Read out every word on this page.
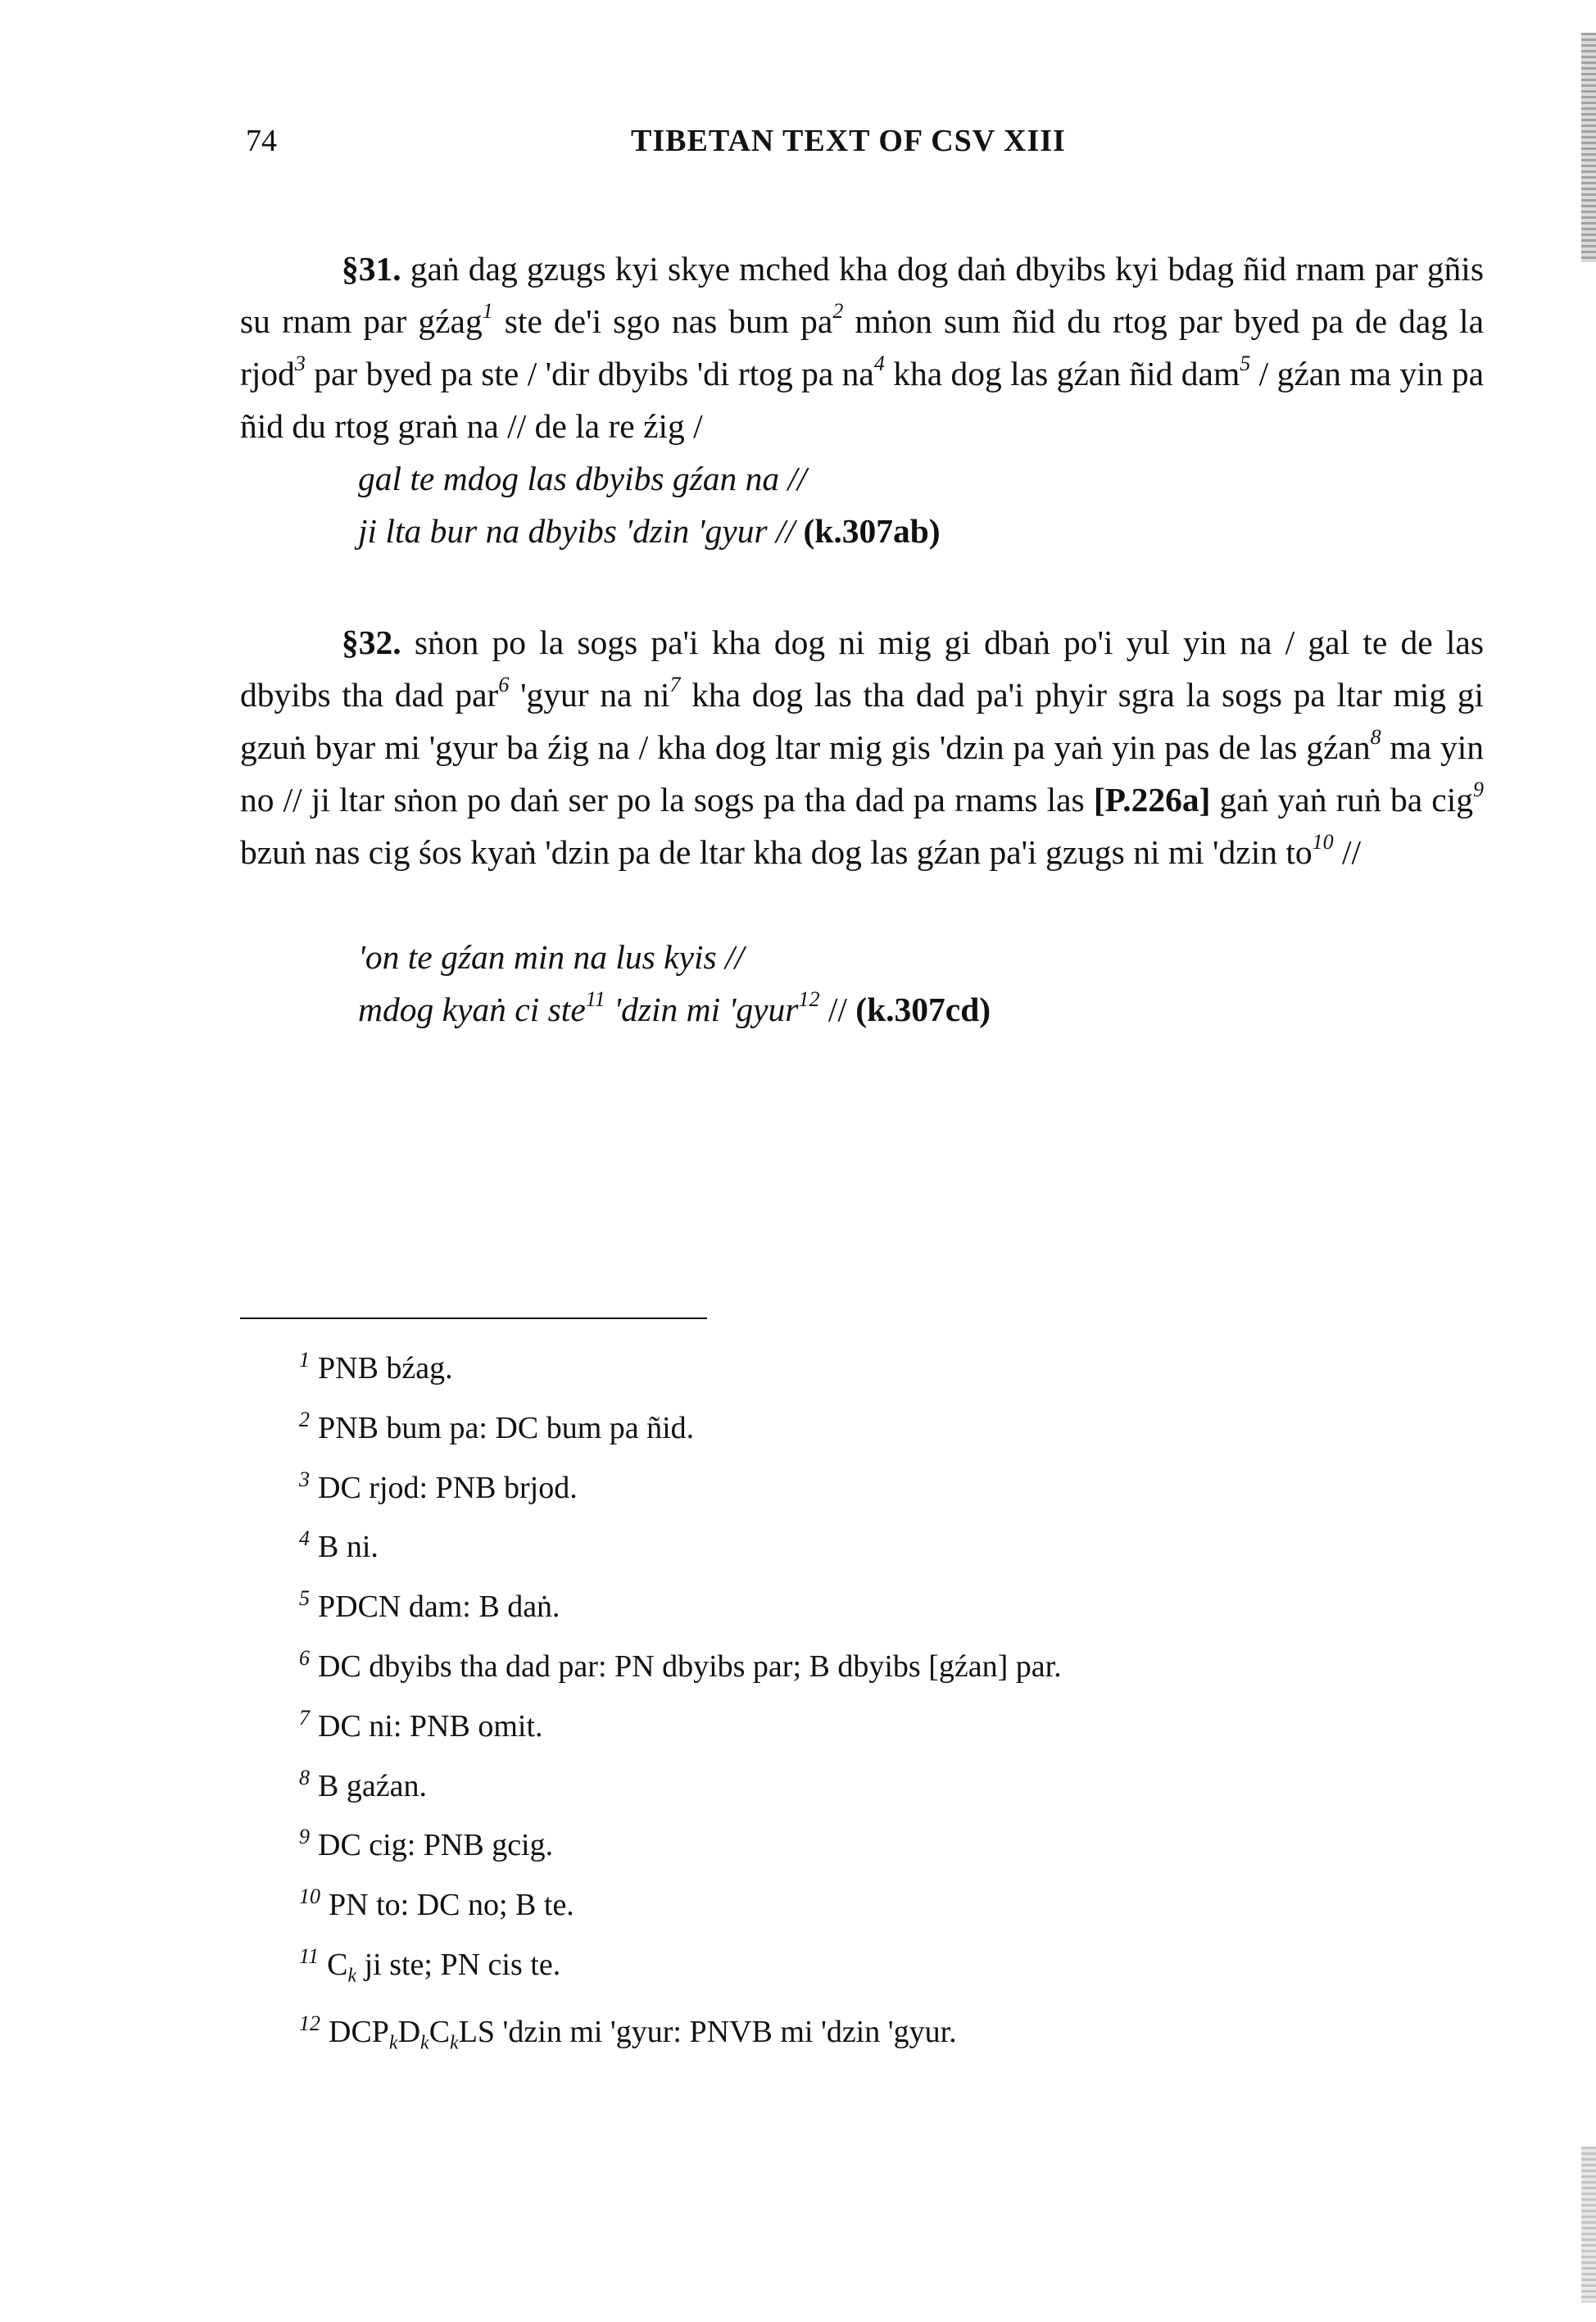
74	TIBETAN TEXT OF CSV XIII

§31. gaṅ dag gzugs kyi skye mched kha dog daṅ dbyibs kyi bdag ñid rnam par gñis su rnam par gźag$^1$ ste de'i sgo nas bum $pa^2$ mṅon sum ñid du rtog par byed pa de dag la rjod$^3$ par byed pa ste / 'dir dbyibs 'di rtog pa $na^4$ kha dog las gźan ñid dam$^5$ / gźan ma yin pa ñid du rtog graṅ na // de la re źig /

gal te mdog las dbyibs gźan na //
ji lta bur na dbyibs 'dzin 'gyur // (k.307ab)

§32. sṅon po la sogs pa'i kha dog ni mig gi dbaṅ po'i yul yin na / gal te de las dbyibs tha dad par$^6$ 'gyur na $ni^7$ kha dog las tha dad pa'i phyir sgra la sogs pa ltar mig gi gzuṅ byar mi 'gyur ba źig na / kha dog ltar mig gis 'dzin pa yaṅ yin pas de las gźan$^8$ ma yin no // ji ltar sṅon po daṅ ser po la sogs pa tha dad pa rnams las [P.226a] gaṅ yaṅ ruṅ ba cig$^9$ bzuṅ nas cig śos kyaṅ 'dzin pa de ltar kha dog las gźan pa'i gzugs ni mi 'dzin $to^{10}$ //

'on te gźan min na lus kyis //
mdog kyaṅ ci ste$^{11}$ 'dzin mi 'gyur$^{12}$ // (k.307cd)
$^1$ PNB bźag.
$^2$ PNB bum pa: DC bum pa ñid.
$^3$ DC rjod: PNB brjod.
$^4$ B ni.
$^5$ PDCN dam: B daṅ.
$^6$ DC dbyibs tha dad par: PN dbyibs par; B dbyibs [gźan] par.
$^7$ DC ni: PNB omit.
$^8$ B gaźan.
$^9$ DC cig: PNB gcig.
$^{10}$ PN to: DC no; B te.
$^{11}$ $C_k$ ji ste; PN cis te.
$^{12}$ $DCP_kD_kC_kLS$ 'dzin mi 'gyur: PNVB mi 'dzin 'gyur.
